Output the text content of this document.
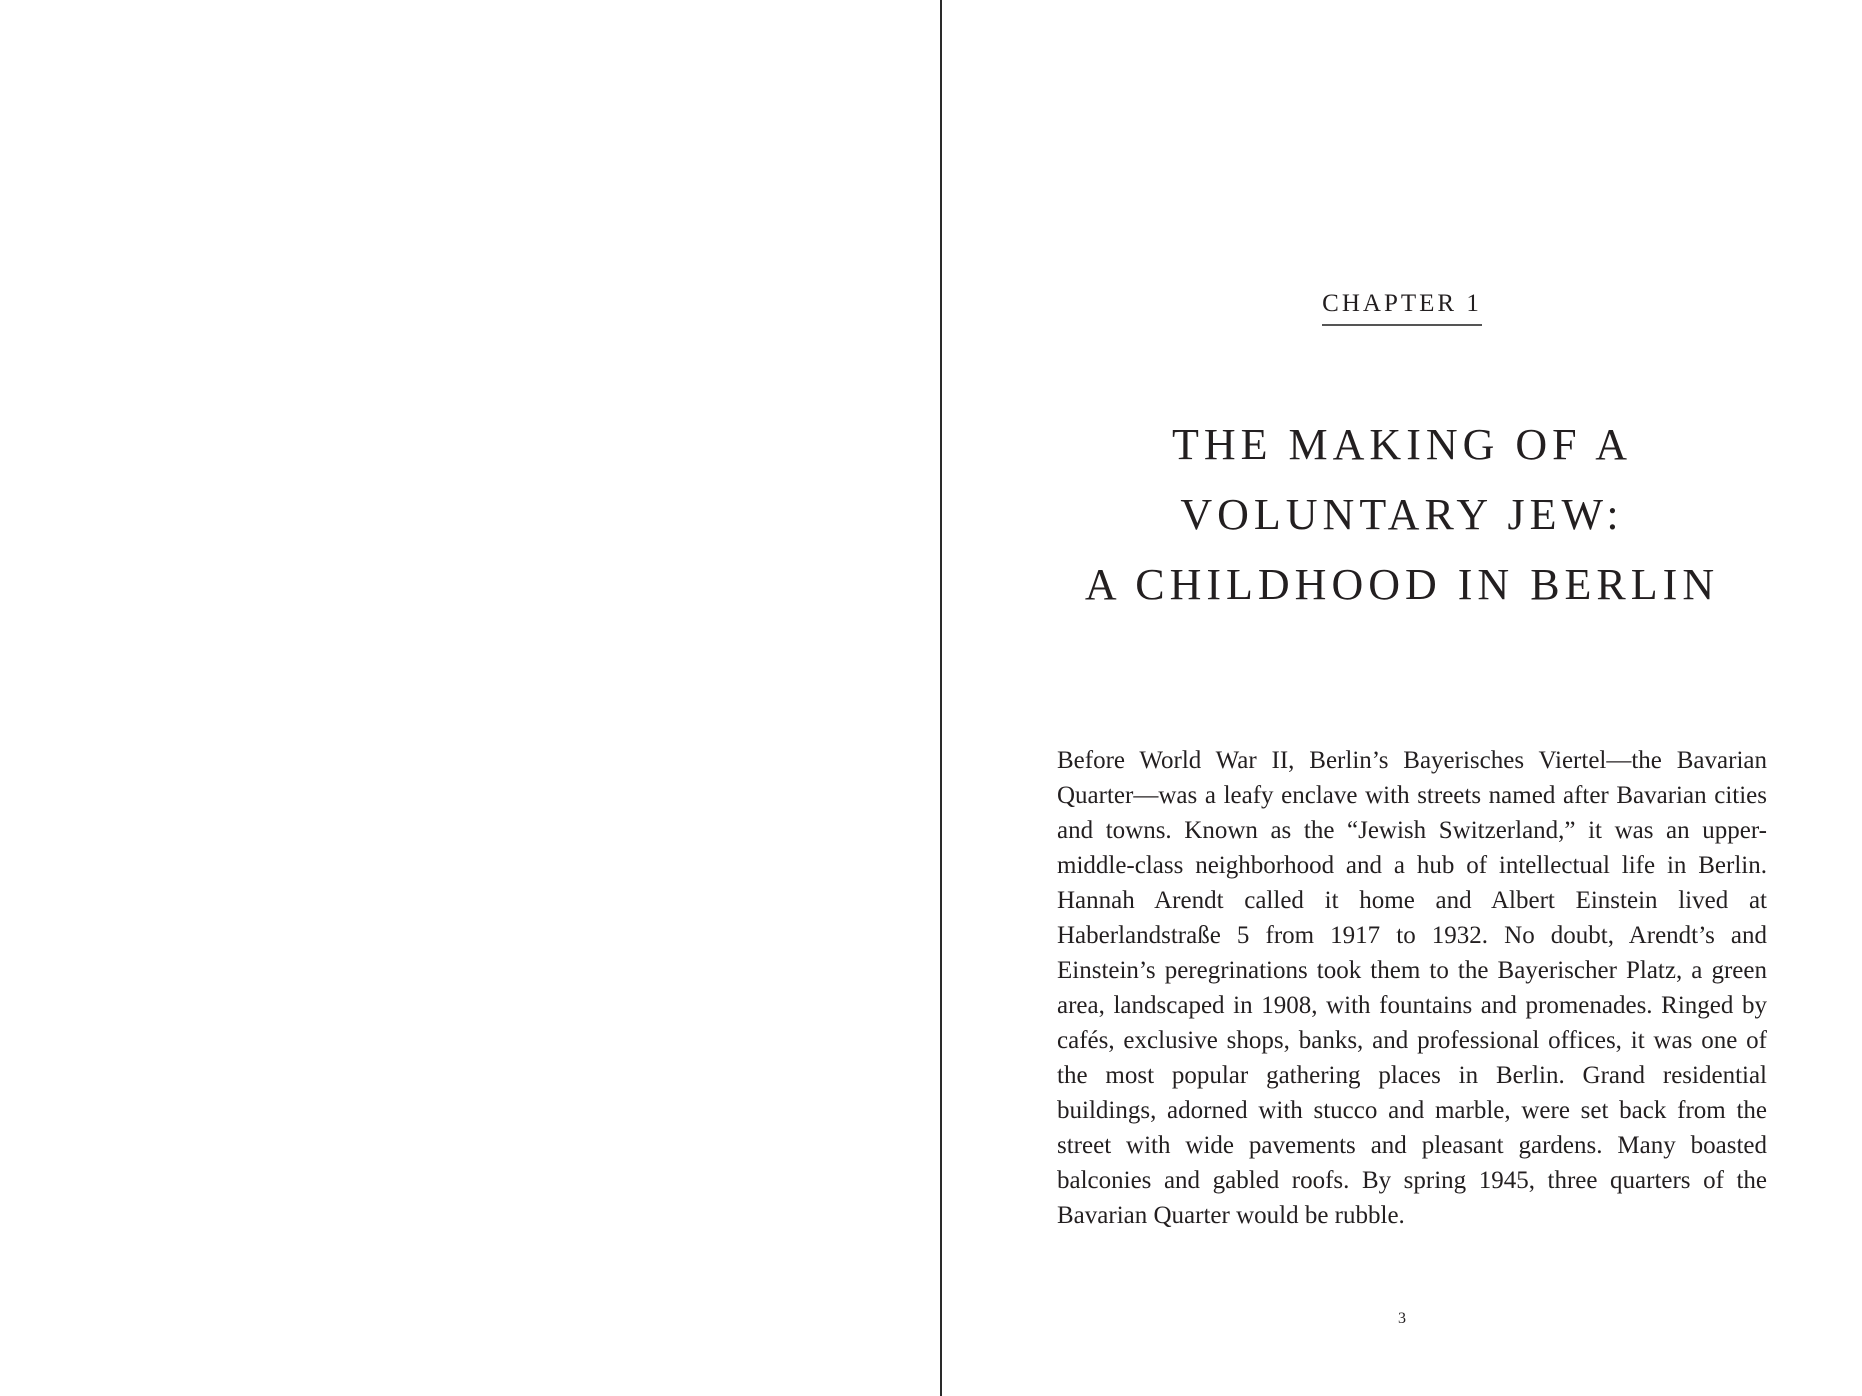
CHAPTER 1
THE MAKING OF A
VOLUNTARY JEW:
A CHILDHOOD IN BERLIN

Before World War II, Berlin’s Bayerisches Viertel—the Bavarian Quarter—was a leafy enclave with streets named after Bavarian cities and towns. Known as the “Jewish Switzerland,” it was an upper-middle-class neighborhood and a hub of intellectual life in Berlin. Hannah Arendt called it home and Albert Einstein lived at Haberlandstraße 5 from 1917 to 1932. No doubt, Arendt’s and Einstein’s peregrinations took them to the Bayerischer Platz, a green area, landscaped in 1908, with fountains and promenades. Ringed by cafés, exclusive shops, banks, and professional offices, it was one of the most popular gathering places in Berlin. Grand residential buildings, adorned with stucco and marble, were set back from the street with wide pavements and pleasant gardens. Many boasted balconies and gabled roofs. By spring 1945, three quarters of the Bavarian Quarter would be rubble.

3
